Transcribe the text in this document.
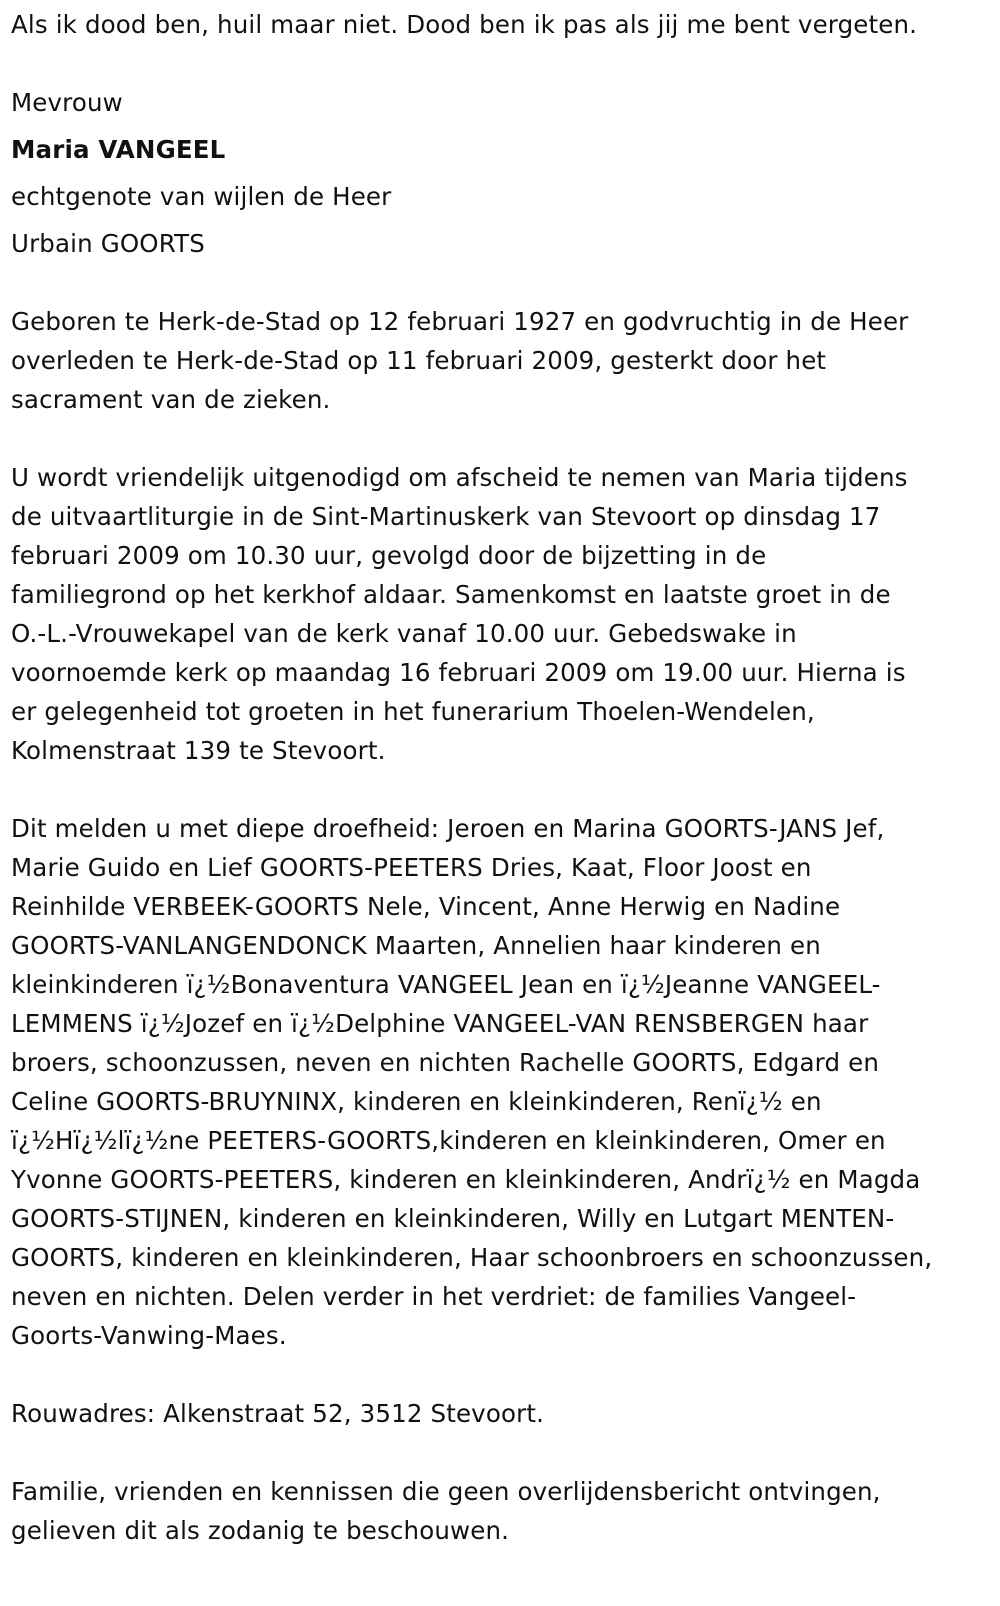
Als ik dood ben, huil maar niet. Dood ben ik pas als jij me bent vergeten.
Mevrouw
Maria VANGEEL
echtgenote van wijlen de Heer
Urbain GOORTS
Geboren te Herk-de-Stad op 12 februari 1927 en godvruchtig in de Heer
overleden te Herk-de-Stad op 11 februari 2009, gesterkt door het
sacrament van de zieken.
U wordt vriendelijk uitgenodigd om afscheid te nemen van Maria tijdens
de uitvaartliturgie in de Sint-Martinuskerk van Stevoort op dinsdag 17
februari 2009 om 10.30 uur, gevolgd door de bijzetting in de
familiegrond op het kerkhof aldaar. Samenkomst en laatste groet in de
O.-L.-Vrouwekapel van de kerk vanaf 10.00 uur. Gebedswake in
voornoemde kerk op maandag 16 februari 2009 om 19.00 uur. Hierna is
er gelegenheid tot groeten in het funerarium Thoelen-Wendelen,
Kolmenstraat 139 te Stevoort.
Dit melden u met diepe droefheid: Jeroen en Marina GOORTS-JANS Jef,
Marie Guido en Lief GOORTS-PEETERS Dries, Kaat, Floor Joost en
Reinhilde VERBEEK-GOORTS Nele, Vincent, Anne Herwig en Nadine
GOORTS-VANLANGENDONCK Maarten, Annelien haar kinderen en
kleinkinderen ï¿½Bonaventura VANGEEL Jean en ï¿½Jeanne VANGEEL-
LEMMENS ï¿½Jozef en ï¿½Delphine VANGEEL-VAN RENSBERGEN haar
broers, schoonzussen, neven en nichten Rachelle GOORTS, Edgard en
Celine GOORTS-BRUYNINX, kinderen en kleinkinderen, Renï¿½ en
ï¿½Hï¿½lï¿½ne PEETERS-GOORTS,kinderen en kleinkinderen, Omer en
Yvonne GOORTS-PEETERS, kinderen en kleinkinderen, Andrï¿½ en Magda
GOORTS-STIJNEN, kinderen en kleinkinderen, Willy en Lutgart MENTEN-
GOORTS, kinderen en kleinkinderen, Haar schoonbroers en schoonzussen,
neven en nichten. Delen verder in het verdriet: de families Vangeel-
Goorts-Vanwing-Maes.
Rouwadres: Alkenstraat 52, 3512 Stevoort.
Familie, vrienden en kennissen die geen overlijdensbericht ontvingen,
gelieven dit als zodanig te beschouwen.
